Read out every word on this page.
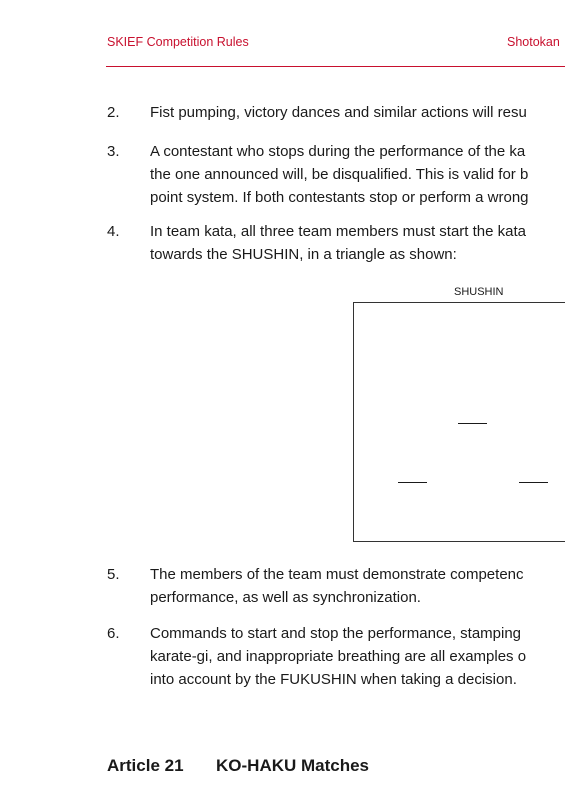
SKIEF Competition Rules	Shotokan
2. Fist pumping, victory dances and similar actions will resu
3. A contestant who stops during the performance of the ka
the one announced will, be disqualified. This is valid for b
point system. If both contestants stop or perform a wrong
4. In team kata, all three team members must start the kata
towards the SHUSHIN, in a triangle as shown:
SHUSHIN
5. The members of the team must demonstrate competenc
performance, as well as synchronization.
6. Commands to start and stop the performance, stamping
karate-gi, and inappropriate breathing are all examples o
into account by the FUKUSHIN when taking a decision.
Article 21 KO-HAKU Matches
